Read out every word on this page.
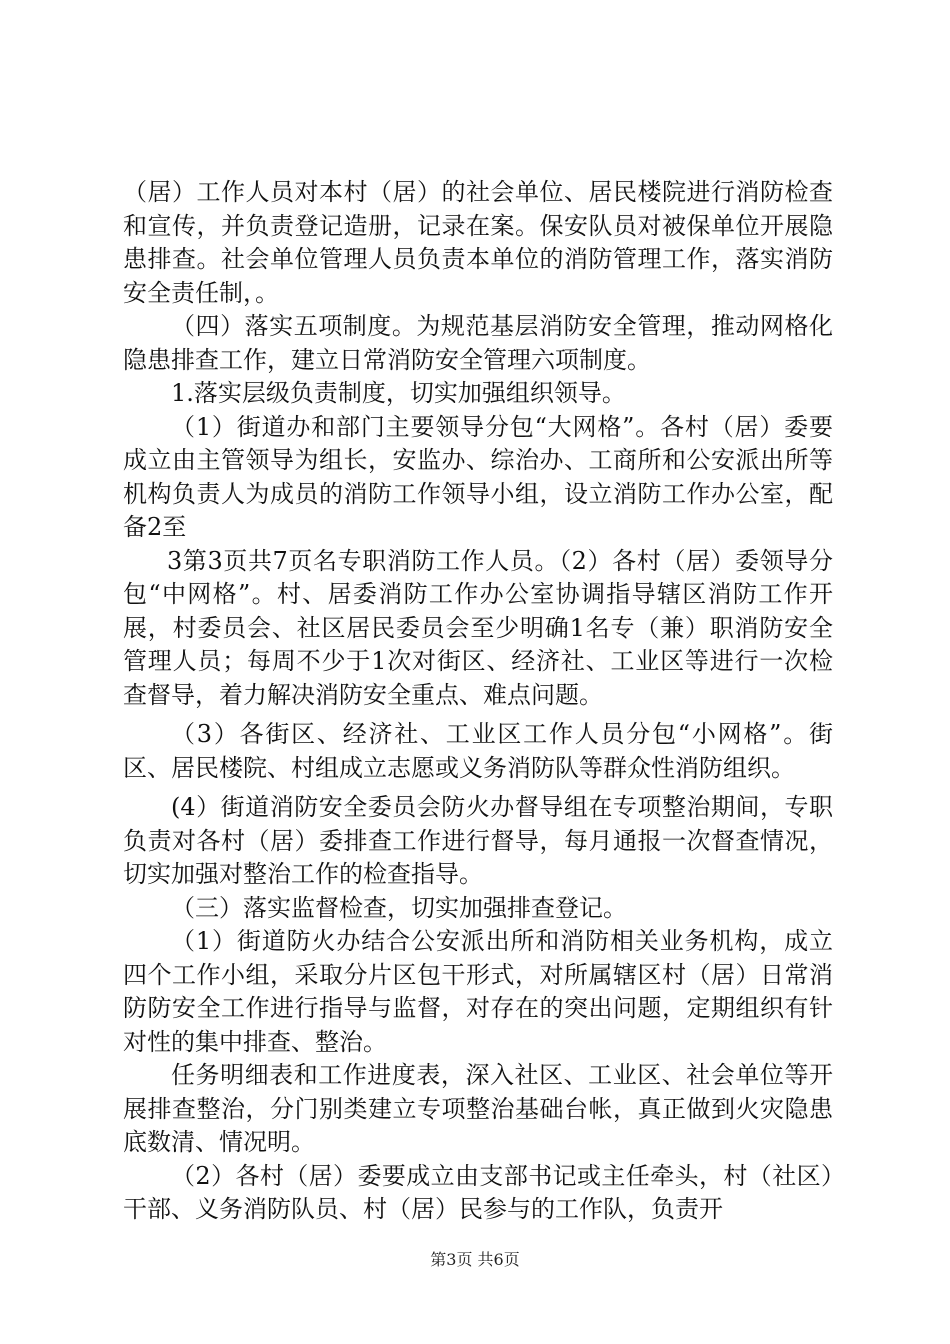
（居）工作人员对本村（居）的社会单位、居民楼院进行消防检查和宣传，并负责登记造册，记录在案。保安队员对被保单位开展隐患排查。社会单位管理人员负责本单位的消防管理工作，落实消防安全责任制，。

（四）落实五项制度。为规范基层消防安全管理，推动网格化隐患排查工作，建立日常消防安全管理六项制度。

1.落实层级负责制度，切实加强组织领导。

（1）街道办和部门主要领导分包“大网格”。各村（居）委要成立由主管领导为组长，安监办、综治办、工商所和公安派出所等机构负责人为成员的消防工作领导小组，设立消防工作办公室，配备2至

3第3页共7页名专职消防工作人员。（2）各村（居）委领导分包“中网格”。村、居委消防工作办公室协调指导辖区消防工作开展，村委员会、社区居民委员会至少明确1名专（兼）职消防安全管理人员；每周不少于1次对街区、经济社、工业区等进行一次检查督导，着力解决消防安全重点、难点问题。

（3）各街区、经济社、工业区工作人员分包“小网格”。街区、居民楼院、村组成立志愿或义务消防队等群众性消防组织。

(4）街道消防安全委员会防火办督导组在专项整治期间，专职负责对各村（居）委排查工作进行督导，每月通报一次督查情况，切实加强对整治工作的检查指导。

（三）落实监督检查，切实加强排查登记。

（1）街道防火办结合公安派出所和消防相关业务机构，成立四个工作小组，采取分片区包干形式，对所属辖区村（居）日常消防防安全工作进行指导与监督，对存在的突出问题，定期组织有针对性的集中排查、整治。

任务明细表和工作进度表，深入社区、工业区、社会单位等开展排查整治，分门别类建立专项整治基础台帐，真正做到火灾隐患底数清、情况明。

（2）各村（居）委要成立由支部书记或主任牵头，村（社区）干部、义务消防队员、村（居）民参与的工作队，负责开

第3页 共6页
